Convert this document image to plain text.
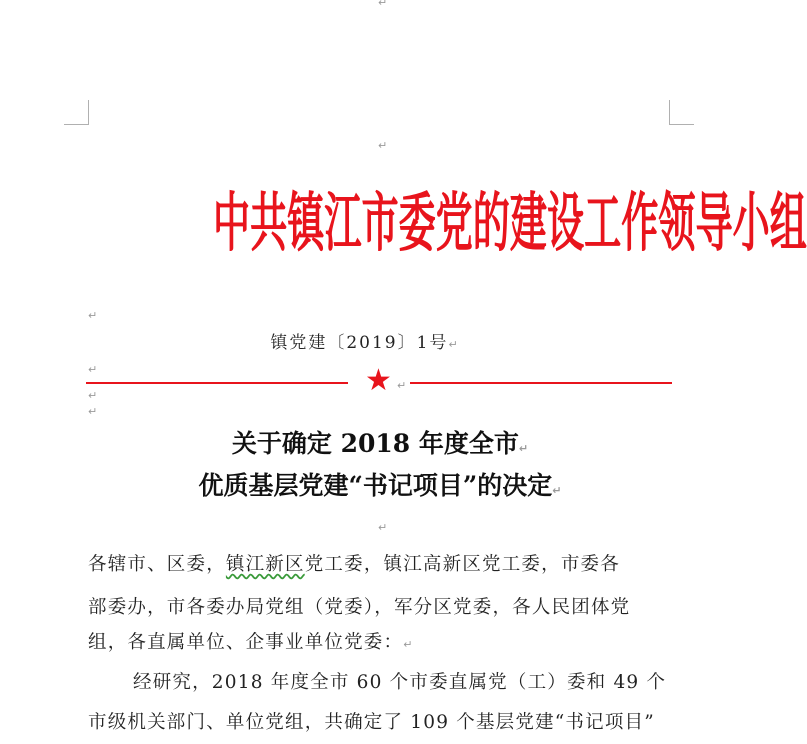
↵
↵
中共镇江市委党的建设工作领导小组
↵
镇党建〔2019〕1号↵
↵	★ ↵
↵
↵
关于确定 2018 年度全市↵
优质基层党建“书记项目”的决定↵
↵
各辖市、区委，镇江新区党工委，镇江高新区党工委，市委各
部委办，市各委办局党组（党委），军分区党委，各人民团体党
组，各直属单位、企事业单位党委：↵
经研究，2018 年度全市 60 个市委直属党（工）委和 49 个
市级机关部门、单位党组，共确定了 109 个基层党建“书记项目”
